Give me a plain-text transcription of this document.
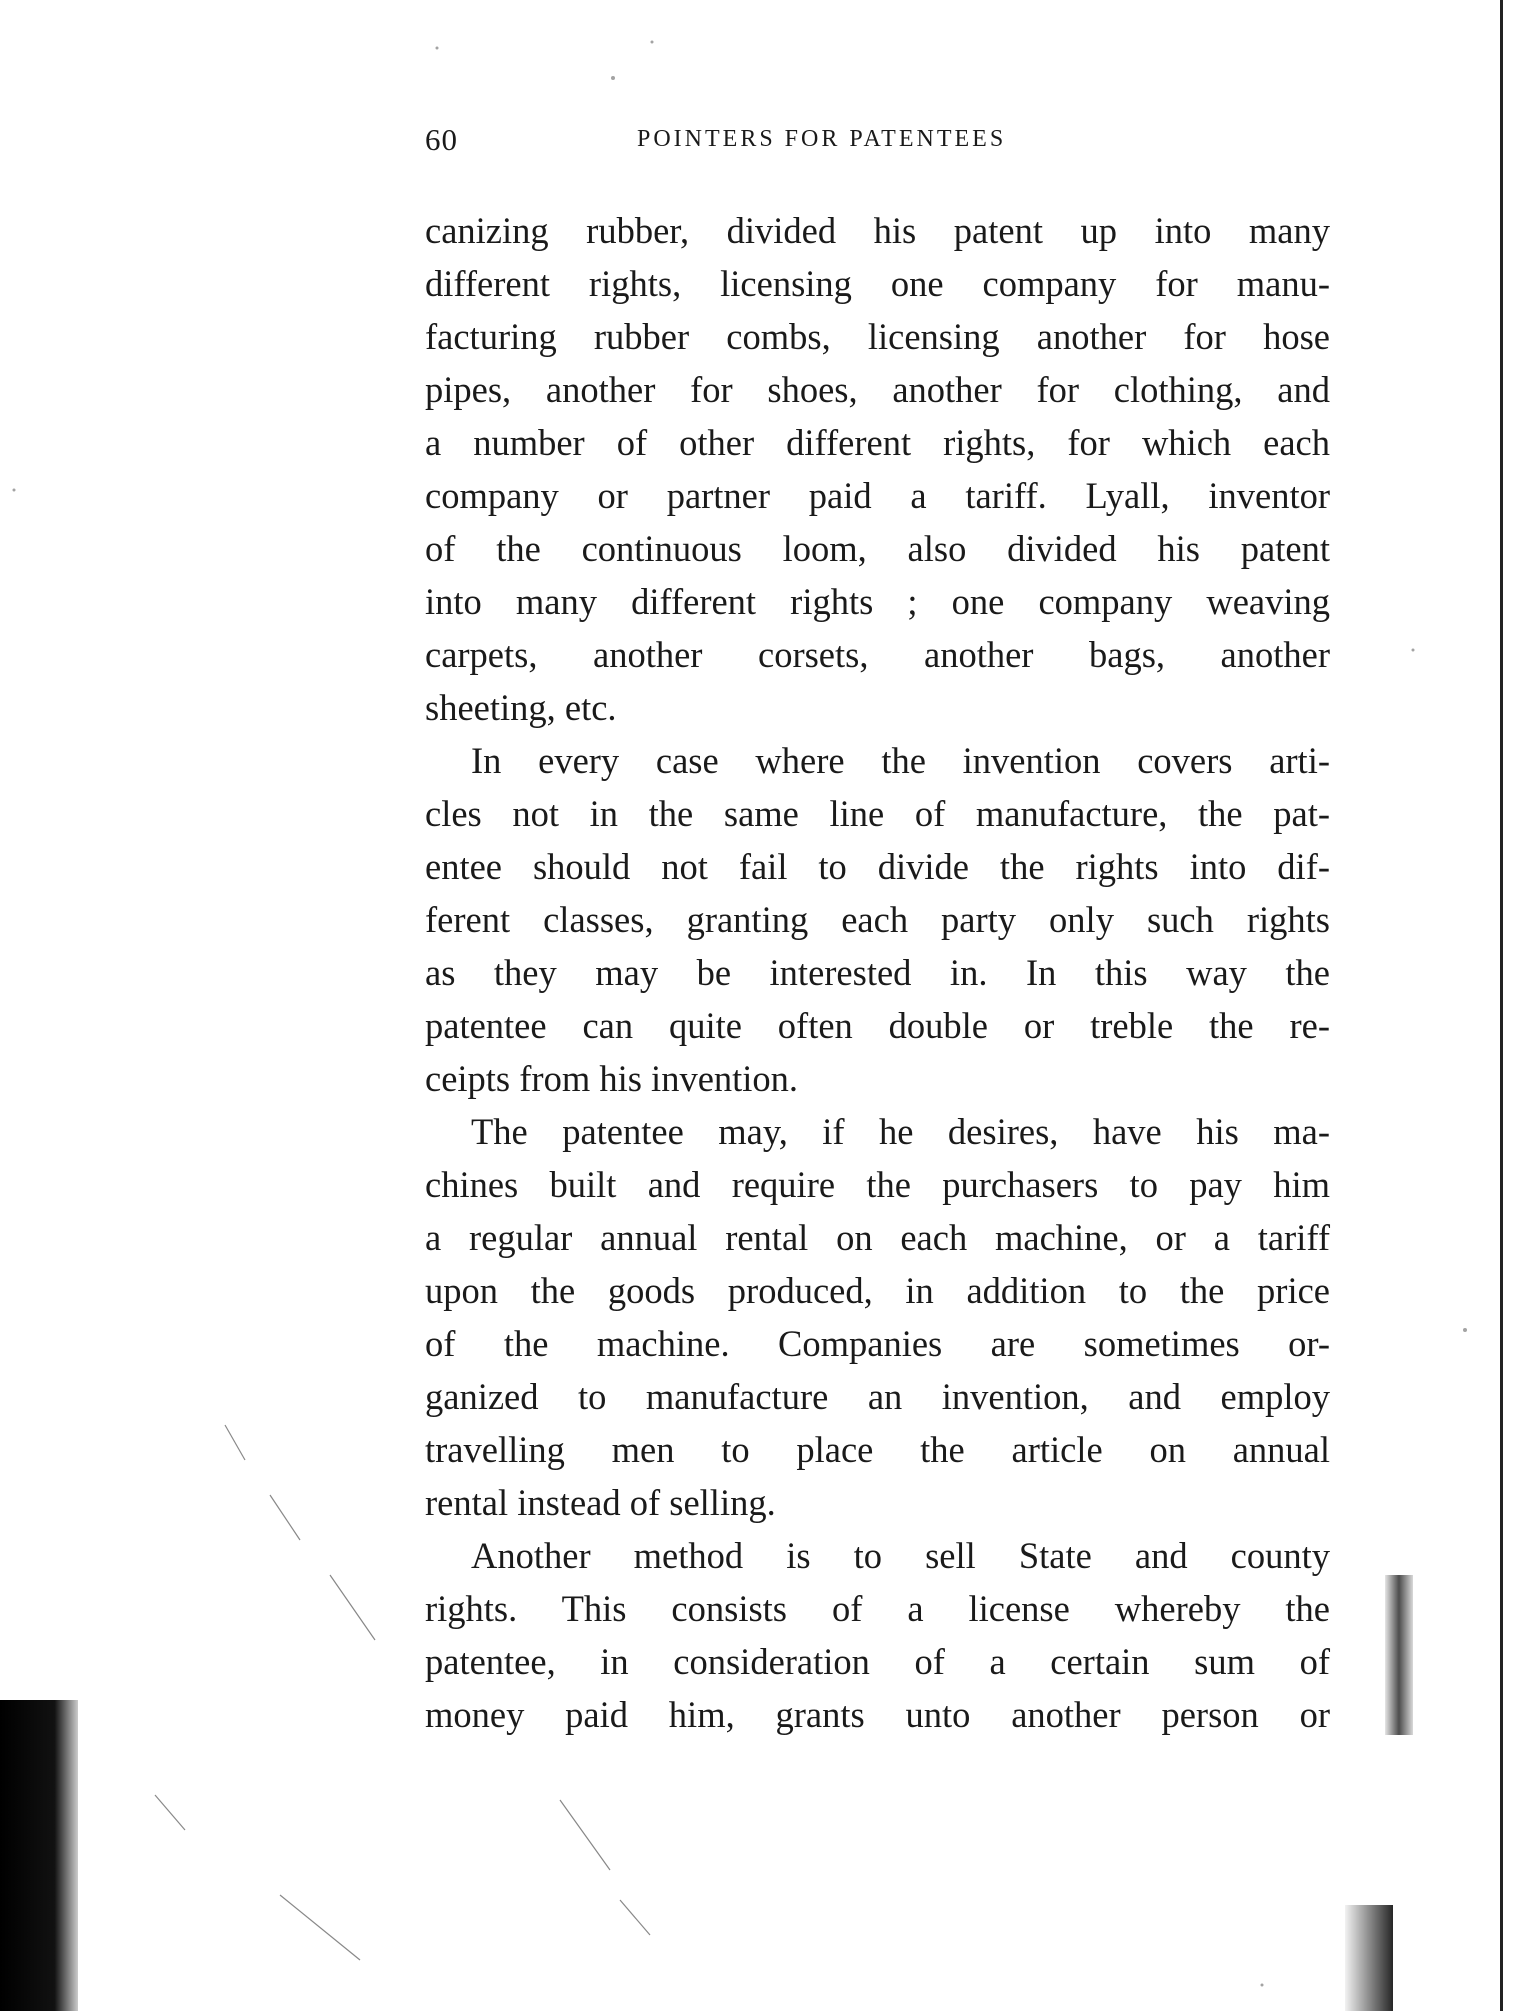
60	POINTERS FOR PATENTEES
canizing rubber, divided his patent up into many
different rights, licensing one company for manu-
facturing rubber combs, licensing another for hose
pipes, another for shoes, another for clothing, and
a number of other different rights, for which each
company or partner paid a tariff. Lyall, inventor
of the continuous loom, also divided his patent
into many different rights ; one company weaving
carpets, another corsets, another bags, another
sheeting, etc.
In every case where the invention covers arti-
cles not in the same line of manufacture, the pat-
entee should not fail to divide the rights into dif-
ferent classes, granting each party only such rights
as they may be interested in. In this way the
patentee can quite often double or treble the re-
ceipts from his invention.
The patentee may, if he desires, have his ma-
chines built and require the purchasers to pay him
a regular annual rental on each machine, or a tariff
upon the goods produced, in addition to the price
of the machine. Companies are sometimes or-
ganized to manufacture an invention, and employ
travelling men to place the article on annual
rental instead of selling.
Another method is to sell State and county
rights. This consists of a license whereby the
patentee, in consideration of a certain sum of
money paid him, grants unto another person or
